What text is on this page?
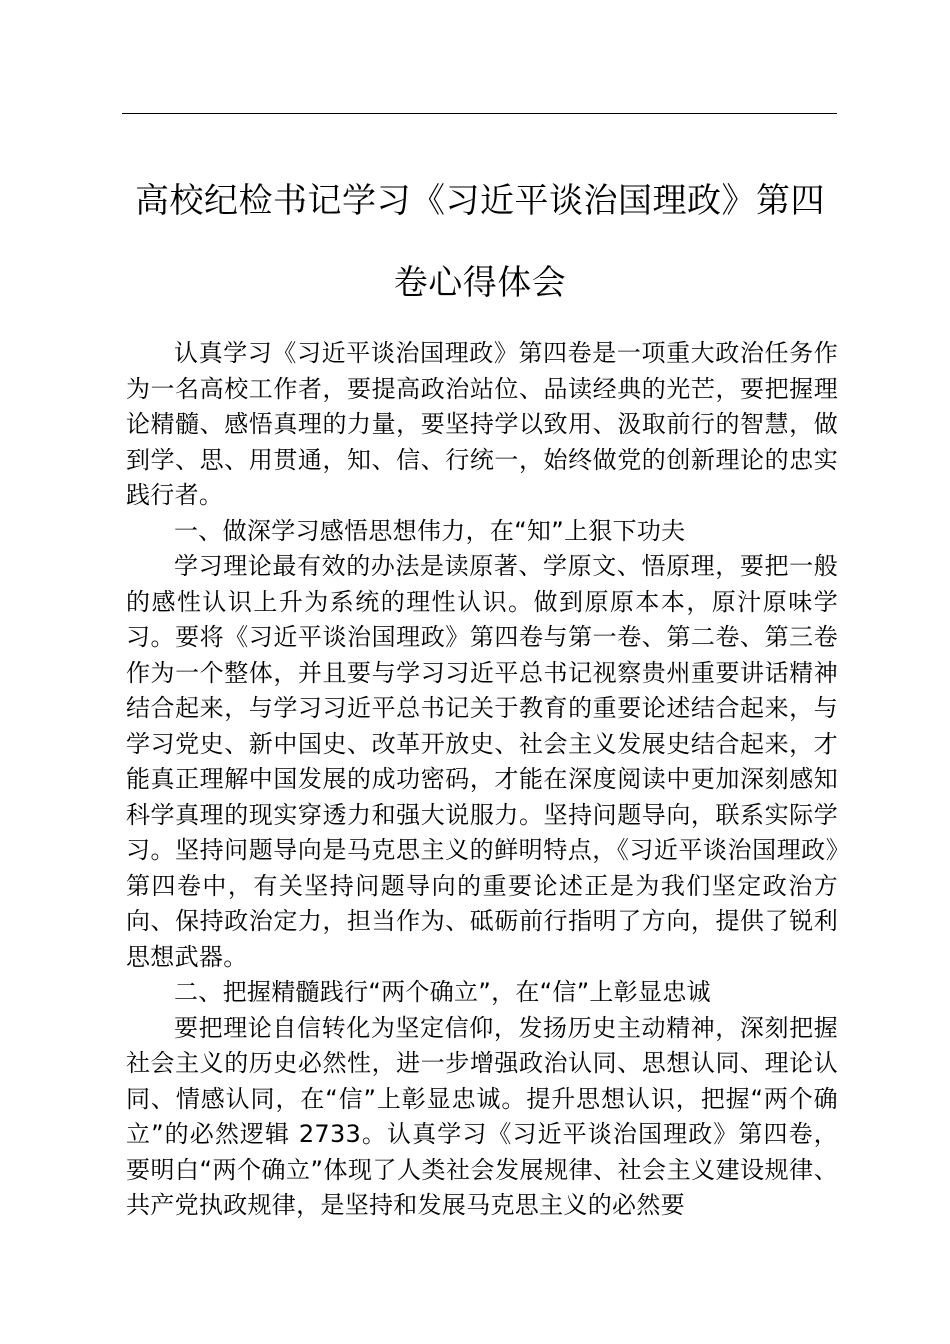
高校纪检书记学习《习近平谈治国理政》第四
卷心得体会

认真学习《习近平谈治国理政》第四卷是一项重大政治任务作为一名高校工作者，要提高政治站位、品读经典的光芒，要把握理论精髓、感悟真理的力量，要坚持学以致用、汲取前行的智慧，做到学、思、用贯通，知、信、行统一，始终做党的创新理论的忠实践行者。

一、做深学习感悟思想伟力，在“知”上狠下功夫

学习理论最有效的办法是读原著、学原文、悟原理，要把一般的感性认识上升为系统的理性认识。做到原原本本，原汁原味学习。要将《习近平谈治国理政》第四卷与第一卷、第二卷、第三卷作为一个整体，并且要与学习习近平总书记视察贵州重要讲话精神结合起来，与学习习近平总书记关于教育的重要论述结合起来，与学习党史、新中国史、改革开放史、社会主义发展史结合起来，才能真正理解中国发展的成功密码，才能在深度阅读中更加深刻感知科学真理的现实穿透力和强大说服力。坚持问题导向，联系实际学习。坚持问题导向是马克思主义的鲜明特点，《习近平谈治国理政》第四卷中，有关坚持问题导向的重要论述正是为我们坚定政治方向、保持政治定力，担当作为、砥砺前行指明了方向，提供了锐利思想武器。

二、把握精髓践行“两个确立”，在“信”上彰显忠诚

要把理论自信转化为坚定信仰，发扬历史主动精神，深刻把握社会主义的历史必然性，进一步增强政治认同、思想认同、理论认同、情感认同，在“信”上彰显忠诚。提升思想认识，把握“两个确立”的必然逻辑 2733。认真学习《习近平谈治国理政》第四卷，要明白“两个确立”体现了人类社会发展规律、社会主义建设规律、共产党执政规律，是坚持和发展马克思主义的必然要
